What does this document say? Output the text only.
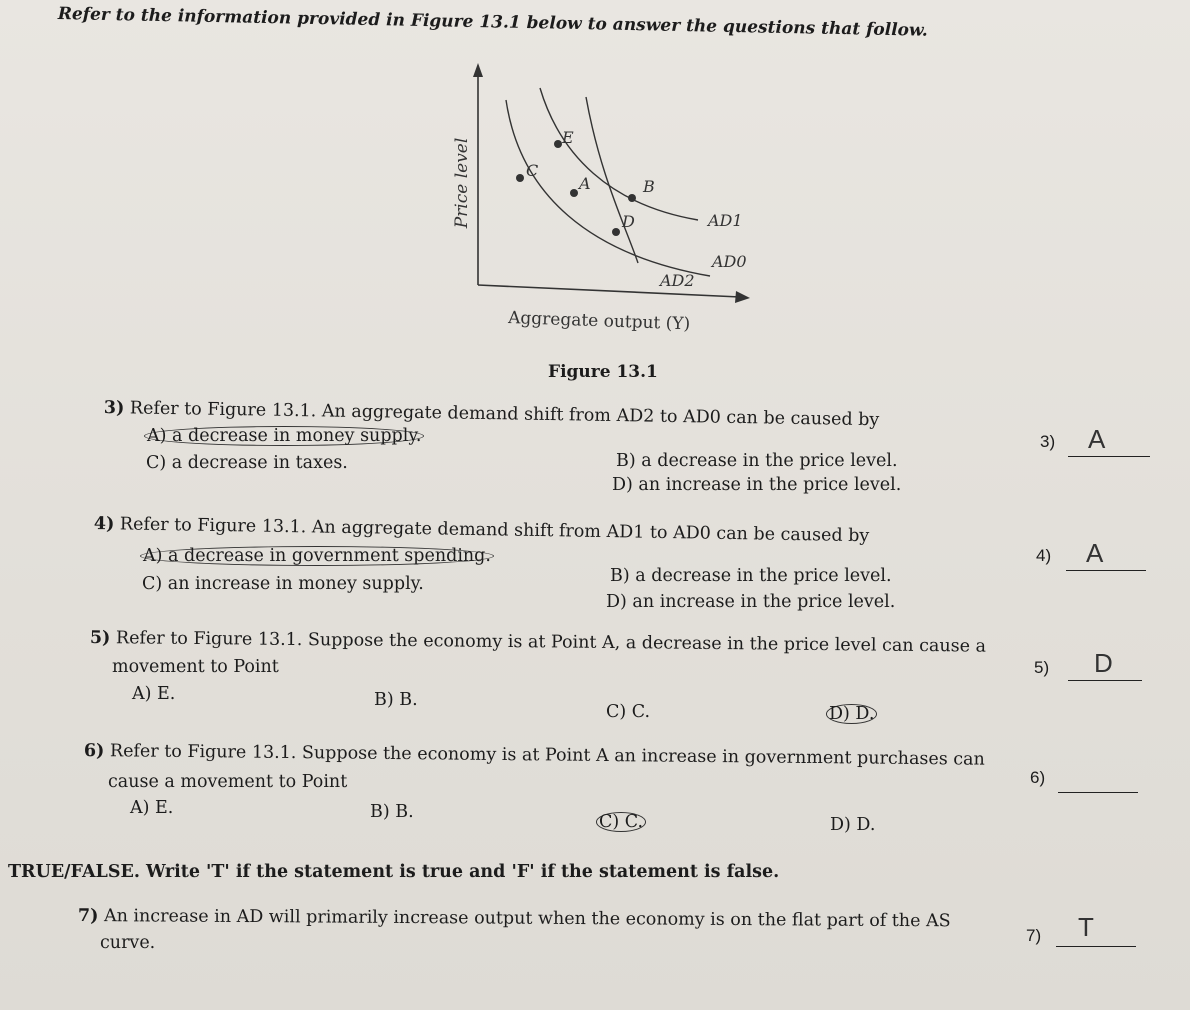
Refer to the information provided in Figure 13.1 below to answer the questions that follow.
Price level	C
E
A	B
D	AD1
AD0
AD2
Aggregate output (Y)
Figure 13.1
3) Refer to Figure 13.1. An aggregate demand shift from AD2 to AD0 can be caused by
A) a decrease in money supply.
C) a decrease in taxes.	B) a decrease in the price level.
D) an increase in the price level.
3) A
4) Refer to Figure 13.1. An aggregate demand shift from AD1 to AD0 can be caused by
A) a decrease in government spending.
C) an increase in money supply.	B) a decrease in the price level.
D) an increase in the price level.
4) A
5) Refer to Figure 13.1. Suppose the economy is at Point A, a decrease in the price level can cause a
movement to Point
A) E.	B) B.
C) C.	D) D.
5) D
6) Refer to Figure 13.1. Suppose the economy is at Point A an increase in government purchases can
cause a movement to Point
A) E.	B) B.	C) C.	D) D.
6)
TRUE/FALSE. Write 'T' if the statement is true and 'F' if the statement is false.
7) An increase in AD will primarily increase output when the economy is on the flat part of the AS
curve.	7) T
